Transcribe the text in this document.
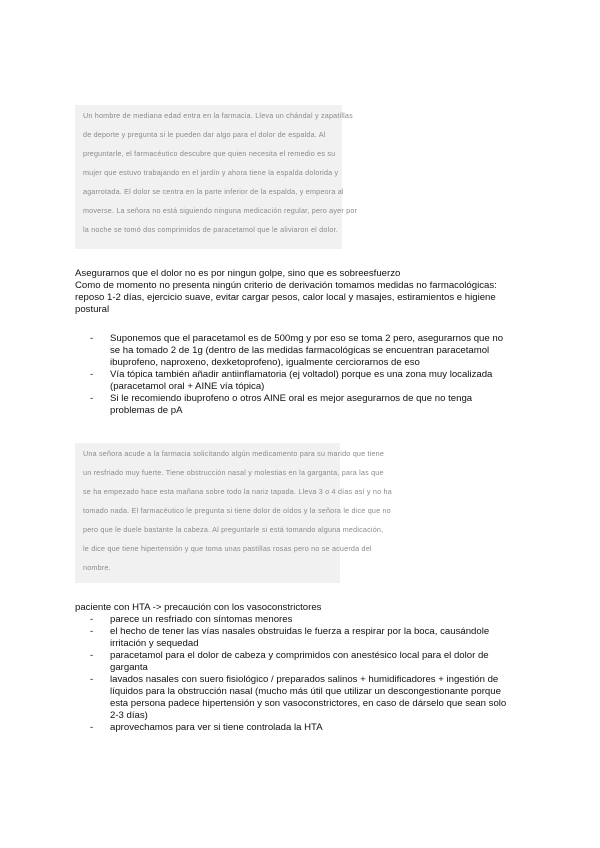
Un hombre de mediana edad entra en la farmacia. Lleva un chándal y zapatillas

de deporte y pregunta si le pueden dar algo para el dolor de espalda. Al

preguntarle, el farmacéutico descubre que quien necesita el remedio es su

mujer que estuvo trabajando en el jardín y ahora tiene la espalda dolorida y

agarrotada. El dolor se centra en la parte inferior de la espalda, y empeora al

moverse. La señora no está siguiendo ninguna medicación regular, pero ayer por

la noche se tomó dos comprimidos de paracetamol que le aliviaron el dolor.

Asegurarnos que el dolor no es por ningun golpe, sino que es sobreesfuerzo

Como de momento no presenta ningún criterio de derivación tomamos medidas no farmacológicas:

reposo 1-2 días, ejercicio suave, evitar cargar pesos, calor local y masajes, estiramientos e higiene

postural

- Suponemos que el paracetamol es de 500mg y por eso se toma 2 pero, asegurarnos que no
se ha tomado 2 de 1g (dentro de las medidas farmacológicas se encuentran paracetamol
ibuprofeno, naproxeno, dexketoprofeno), igualmente cerciorarnos de eso
- Vía tópica también añadir antiinflamatoria (ej voltadol) porque es una zona muy localizada
(paracetamol oral + AINE vía tópica)
- Si le recomiendo ibuprofeno o otros AINE oral es mejor asegurarnos de que no tenga
problemas de pA

Una señora acude a la farmacia solicitando algún medicamento para su marido que tiene

un resfriado muy fuerte. Tiene obstrucción nasal y molestias en la garganta, para las que

se ha empezado hace esta mañana sobre todo la nariz tapada. Lleva 3 o 4 días así y no ha

tomado nada. El farmacéutico le pregunta si tiene dolor de oídos y la señora le dice que no

pero que le duele bastante la cabeza. Al preguntarle si está tomando alguna medicación,

le dice que tiene hipertensión y que toma unas pastillas rosas pero no se acuerda del

nombre.

paciente con HTA -> precaución con los vasoconstrictores

- parece un resfriado con síntomas menores
- el hecho de tener las vías nasales obstruidas le fuerza a respirar por la boca, causándole
irritación y sequedad
- paracetamol para el dolor de cabeza y comprimidos con anestésico local para el dolor de
garganta
- lavados nasales con suero fisiológico / preparados salinos + humidificadores + ingestión de
líquidos para la obstrucción nasal (mucho más útil que utilizar un descongestionante porque
esta persona padece hipertensión y son vasoconstrictores, en caso de dárselo que sean solo
2-3 días)
- aprovechamos para ver si tiene controlada la HTA
